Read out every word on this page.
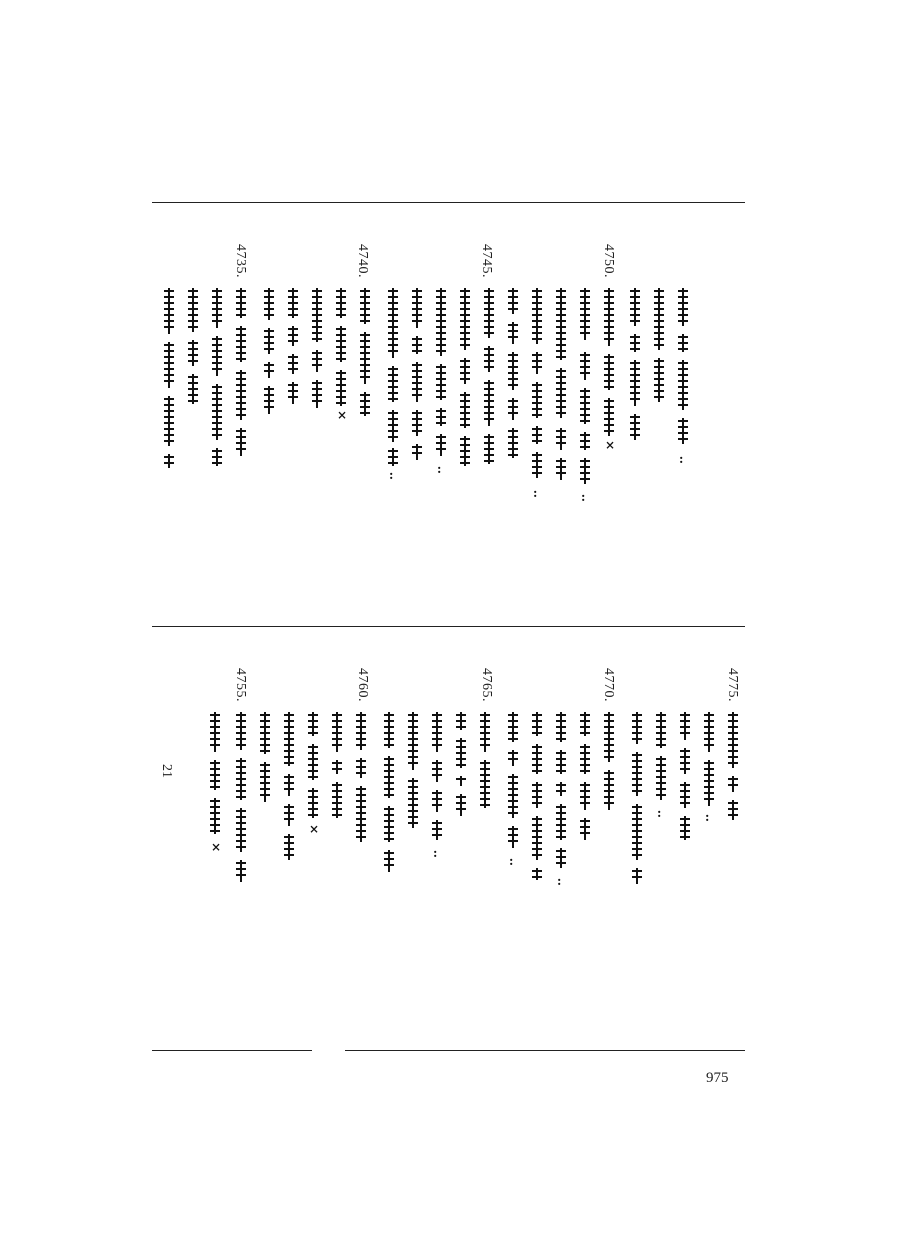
4750.
4745.
4740.
4735.
:
×
:
:
:
:
×
4775.
4770.
4765.
4760.
4755.
:
:
:
:
:
×
×
21
975
